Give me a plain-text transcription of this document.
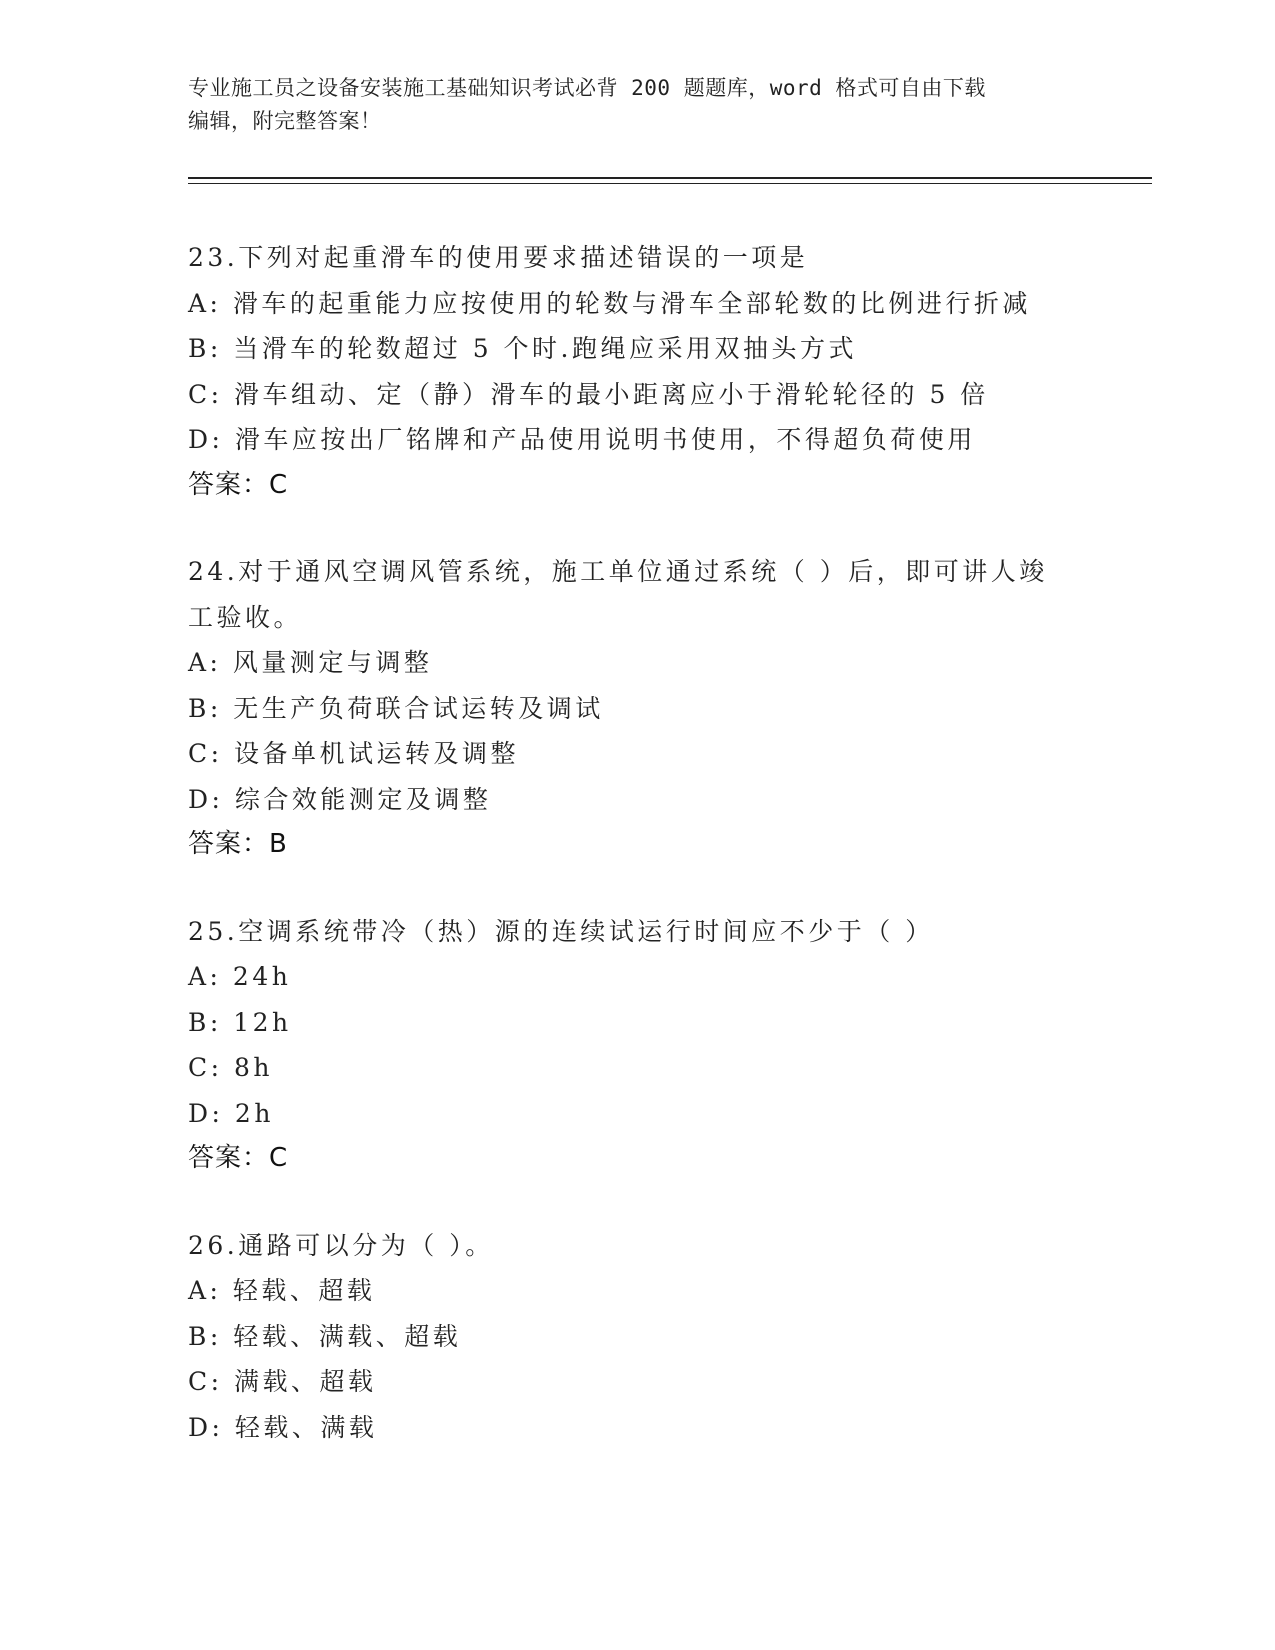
专业施工员之设备安装施工基础知识考试必背 200 题题库，word 格式可自由下载
编辑，附完整答案！
23.下列对起重滑车的使用要求描述错误的一项是
A: 滑车的起重能力应按使用的轮数与滑车全部轮数的比例进行折减
B: 当滑车的轮数超过 5 个时.跑绳应采用双抽头方式
C: 滑车组动、定（静）滑车的最小距离应小于滑轮轮径的 5 倍
D: 滑车应按出厂铭牌和产品使用说明书使用，不得超负荷使用
答案：C
24.对于通风空调风管系统，施工单位通过系统（ ）后，即可讲人竣
工验收。
A: 风量测定与调整
B: 无生产负荷联合试运转及调试
C: 设备单机试运转及调整
D: 综合效能测定及调整
答案：B
25.空调系统带冷（热）源的连续试运行时间应不少于（ ）
A: 24h
B: 12h
C: 8h
D: 2h
答案：C
26.通路可以分为（ ）。
A: 轻载、超载
B: 轻载、满载、超载
C: 满载、超载
D: 轻载、满载
